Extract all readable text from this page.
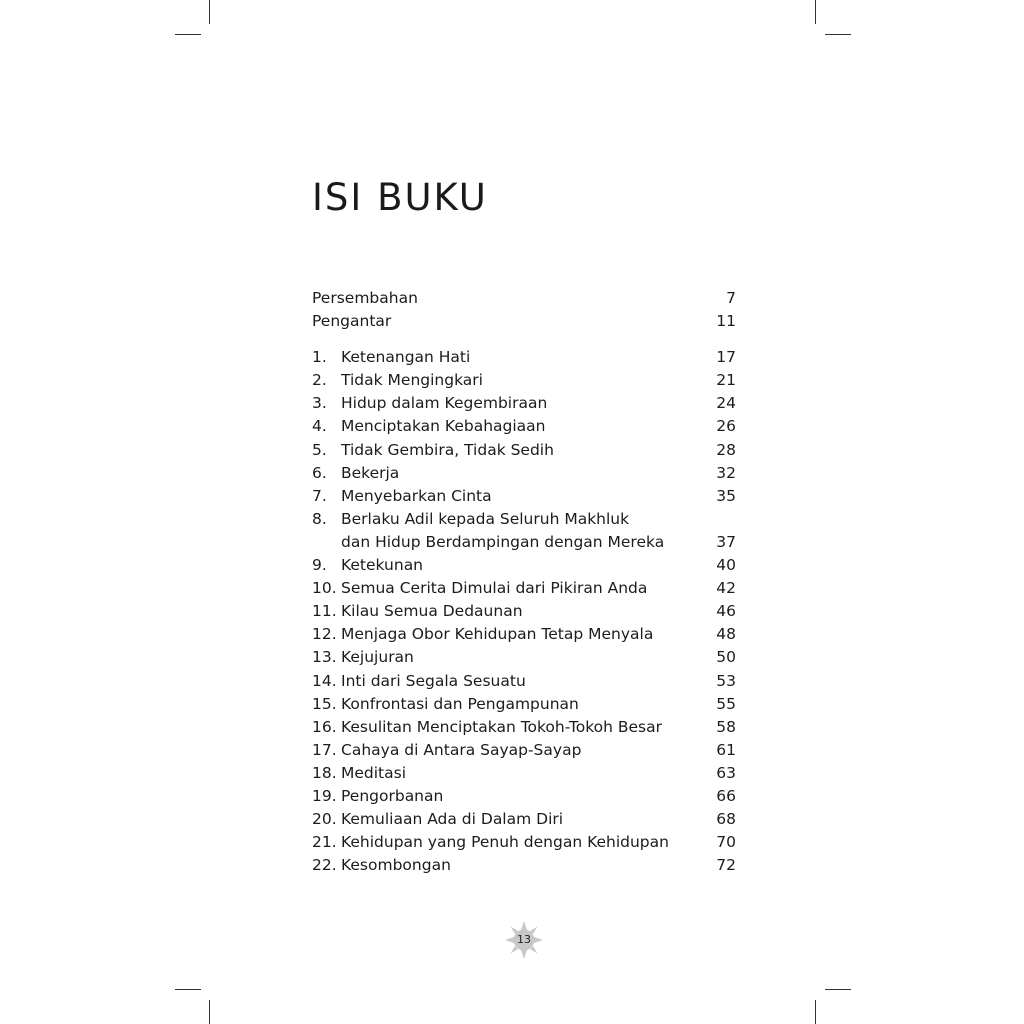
ISI BUKU
Persembahan	7
Pengantar	11
1. Ketenangan Hati	17
2. Tidak Mengingkari	21
3. Hidup dalam Kegembiraan	24
4. Menciptakan Kebahagiaan	26
5. Tidak Gembira, Tidak Sedih	28
6. Bekerja	32
7. Menyebarkan Cinta	35
8. Berlaku Adil kepada Seluruh Makhluk
dan Hidup Berdampingan dengan Mereka	37
9. Ketekunan	40
10. Semua Cerita Dimulai dari Pikiran Anda	42
11. Kilau Semua Dedaunan	46
12. Menjaga Obor Kehidupan Tetap Menyala	48
13. Kejujuran	50
14. Inti dari Segala Sesuatu	53
15. Konfrontasi dan Pengampunan	55
16. Kesulitan Menciptakan Tokoh-Tokoh Besar	58
17. Cahaya di Antara Sayap-Sayap	61
18. Meditasi	63
19. Pengorbanan	66
20. Kemuliaan Ada di Dalam Diri	68
21. Kehidupan yang Penuh dengan Kehidupan	70
22. Kesombongan	72
13
